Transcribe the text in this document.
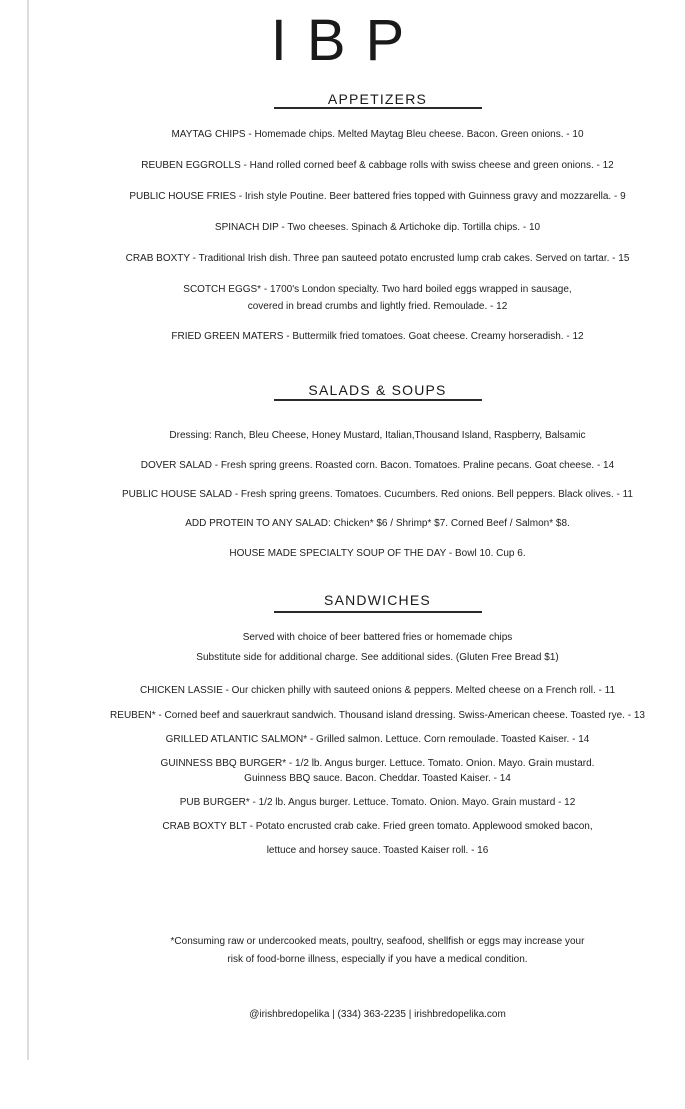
IBP
APPETIZERS
MAYTAG CHIPS - Homemade chips. Melted Maytag Bleu cheese. Bacon. Green onions. - 10
REUBEN EGGROLLS - Hand rolled corned beef & cabbage rolls with swiss cheese and green onions. - 12
PUBLIC HOUSE FRIES - Irish style Poutine. Beer battered fries topped with Guinness gravy and mozzarella. - 9
SPINACH DIP - Two cheeses. Spinach & Artichoke dip. Tortilla chips. - 10
CRAB BOXTY - Traditional Irish dish. Three pan sauteed potato encrusted lump crab cakes. Served on tartar. - 15
SCOTCH EGGS* - 1700's London specialty. Two hard boiled eggs wrapped in sausage,
covered in bread crumbs and lightly fried. Remoulade. - 12
FRIED GREEN MATERS - Buttermilk fried tomatoes. Goat cheese. Creamy horseradish. - 12
SALADS & SOUPS
Dressing: Ranch, Bleu Cheese, Honey Mustard, Italian,Thousand Island, Raspberry, Balsamic
DOVER SALAD - Fresh spring greens. Roasted corn. Bacon. Tomatoes. Praline pecans. Goat cheese. - 14
PUBLIC HOUSE SALAD - Fresh spring greens. Tomatoes. Cucumbers. Red onions. Bell peppers. Black olives. - 11
ADD PROTEIN TO ANY SALAD: Chicken* $6 / Shrimp* $7. Corned Beef / Salmon* $8.
HOUSE MADE SPECIALTY SOUP OF THE DAY - Bowl 10. Cup 6.
SANDWICHES
Served with choice of beer battered fries or homemade chips
Substitute side for additional charge. See additional sides. (Gluten Free Bread $1)
CHICKEN LASSIE - Our chicken philly with sauteed onions & peppers. Melted cheese on a French roll. - 11
REUBEN* - Corned beef and sauerkraut sandwich. Thousand island dressing. Swiss-American cheese. Toasted rye. - 13
GRILLED ATLANTIC SALMON* - Grilled salmon. Lettuce. Corn remoulade. Toasted Kaiser. - 14
GUINNESS BBQ BURGER* - 1/2 lb. Angus burger. Lettuce. Tomato. Onion. Mayo. Grain mustard.
Guinness BBQ sauce. Bacon. Cheddar. Toasted Kaiser. - 14
PUB BURGER* - 1/2 lb. Angus burger. Lettuce. Tomato. Onion. Mayo. Grain mustard - 12
CRAB BOXTY BLT - Potato encrusted crab cake. Fried green tomato. Applewood smoked bacon,
lettuce and horsey sauce. Toasted Kaiser roll. - 16
*Consuming raw or undercooked meats, poultry, seafood, shellfish or eggs may increase your
risk of food-borne illness, especially if you have a medical condition.
@irishbredopelika | (334) 363-2235 | irishbredopelika.com
